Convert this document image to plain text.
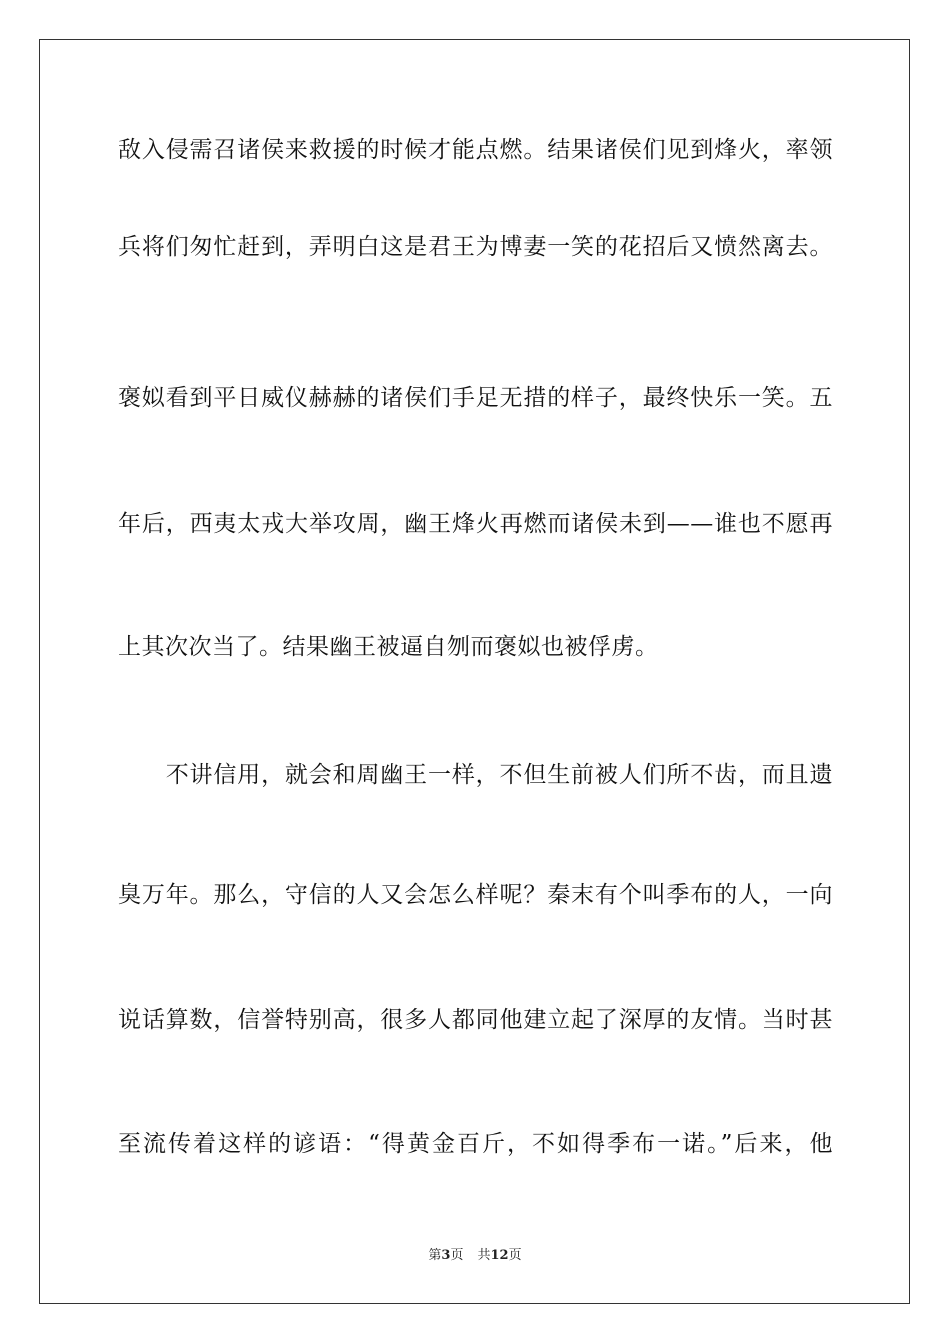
敌入侵需召诸侯来救援的时候才能点燃。结果诸侯们见到烽火，率领
兵将们匆忙赶到，弄明白这是君王为博妻一笑的花招后又愤然离去。
褒姒看到平日威仪赫赫的诸侯们手足无措的样子，最终快乐一笑。五
年后，西夷太戎大举攻周，幽王烽火再燃而诸侯未到——谁也不愿再
上其次次当了。结果幽王被逼自刎而褒姒也被俘虏。
　　不讲信用，就会和周幽王一样，不但生前被人们所不齿，而且遗
臭万年。那么，守信的人又会怎么样呢？秦末有个叫季布的人，一向
说话算数，信誉特别高，很多人都同他建立起了深厚的友情。当时甚
至流传着这样的谚语：“得黄金百斤，不如得季布一诺。”后来，他
第3页 共12页
